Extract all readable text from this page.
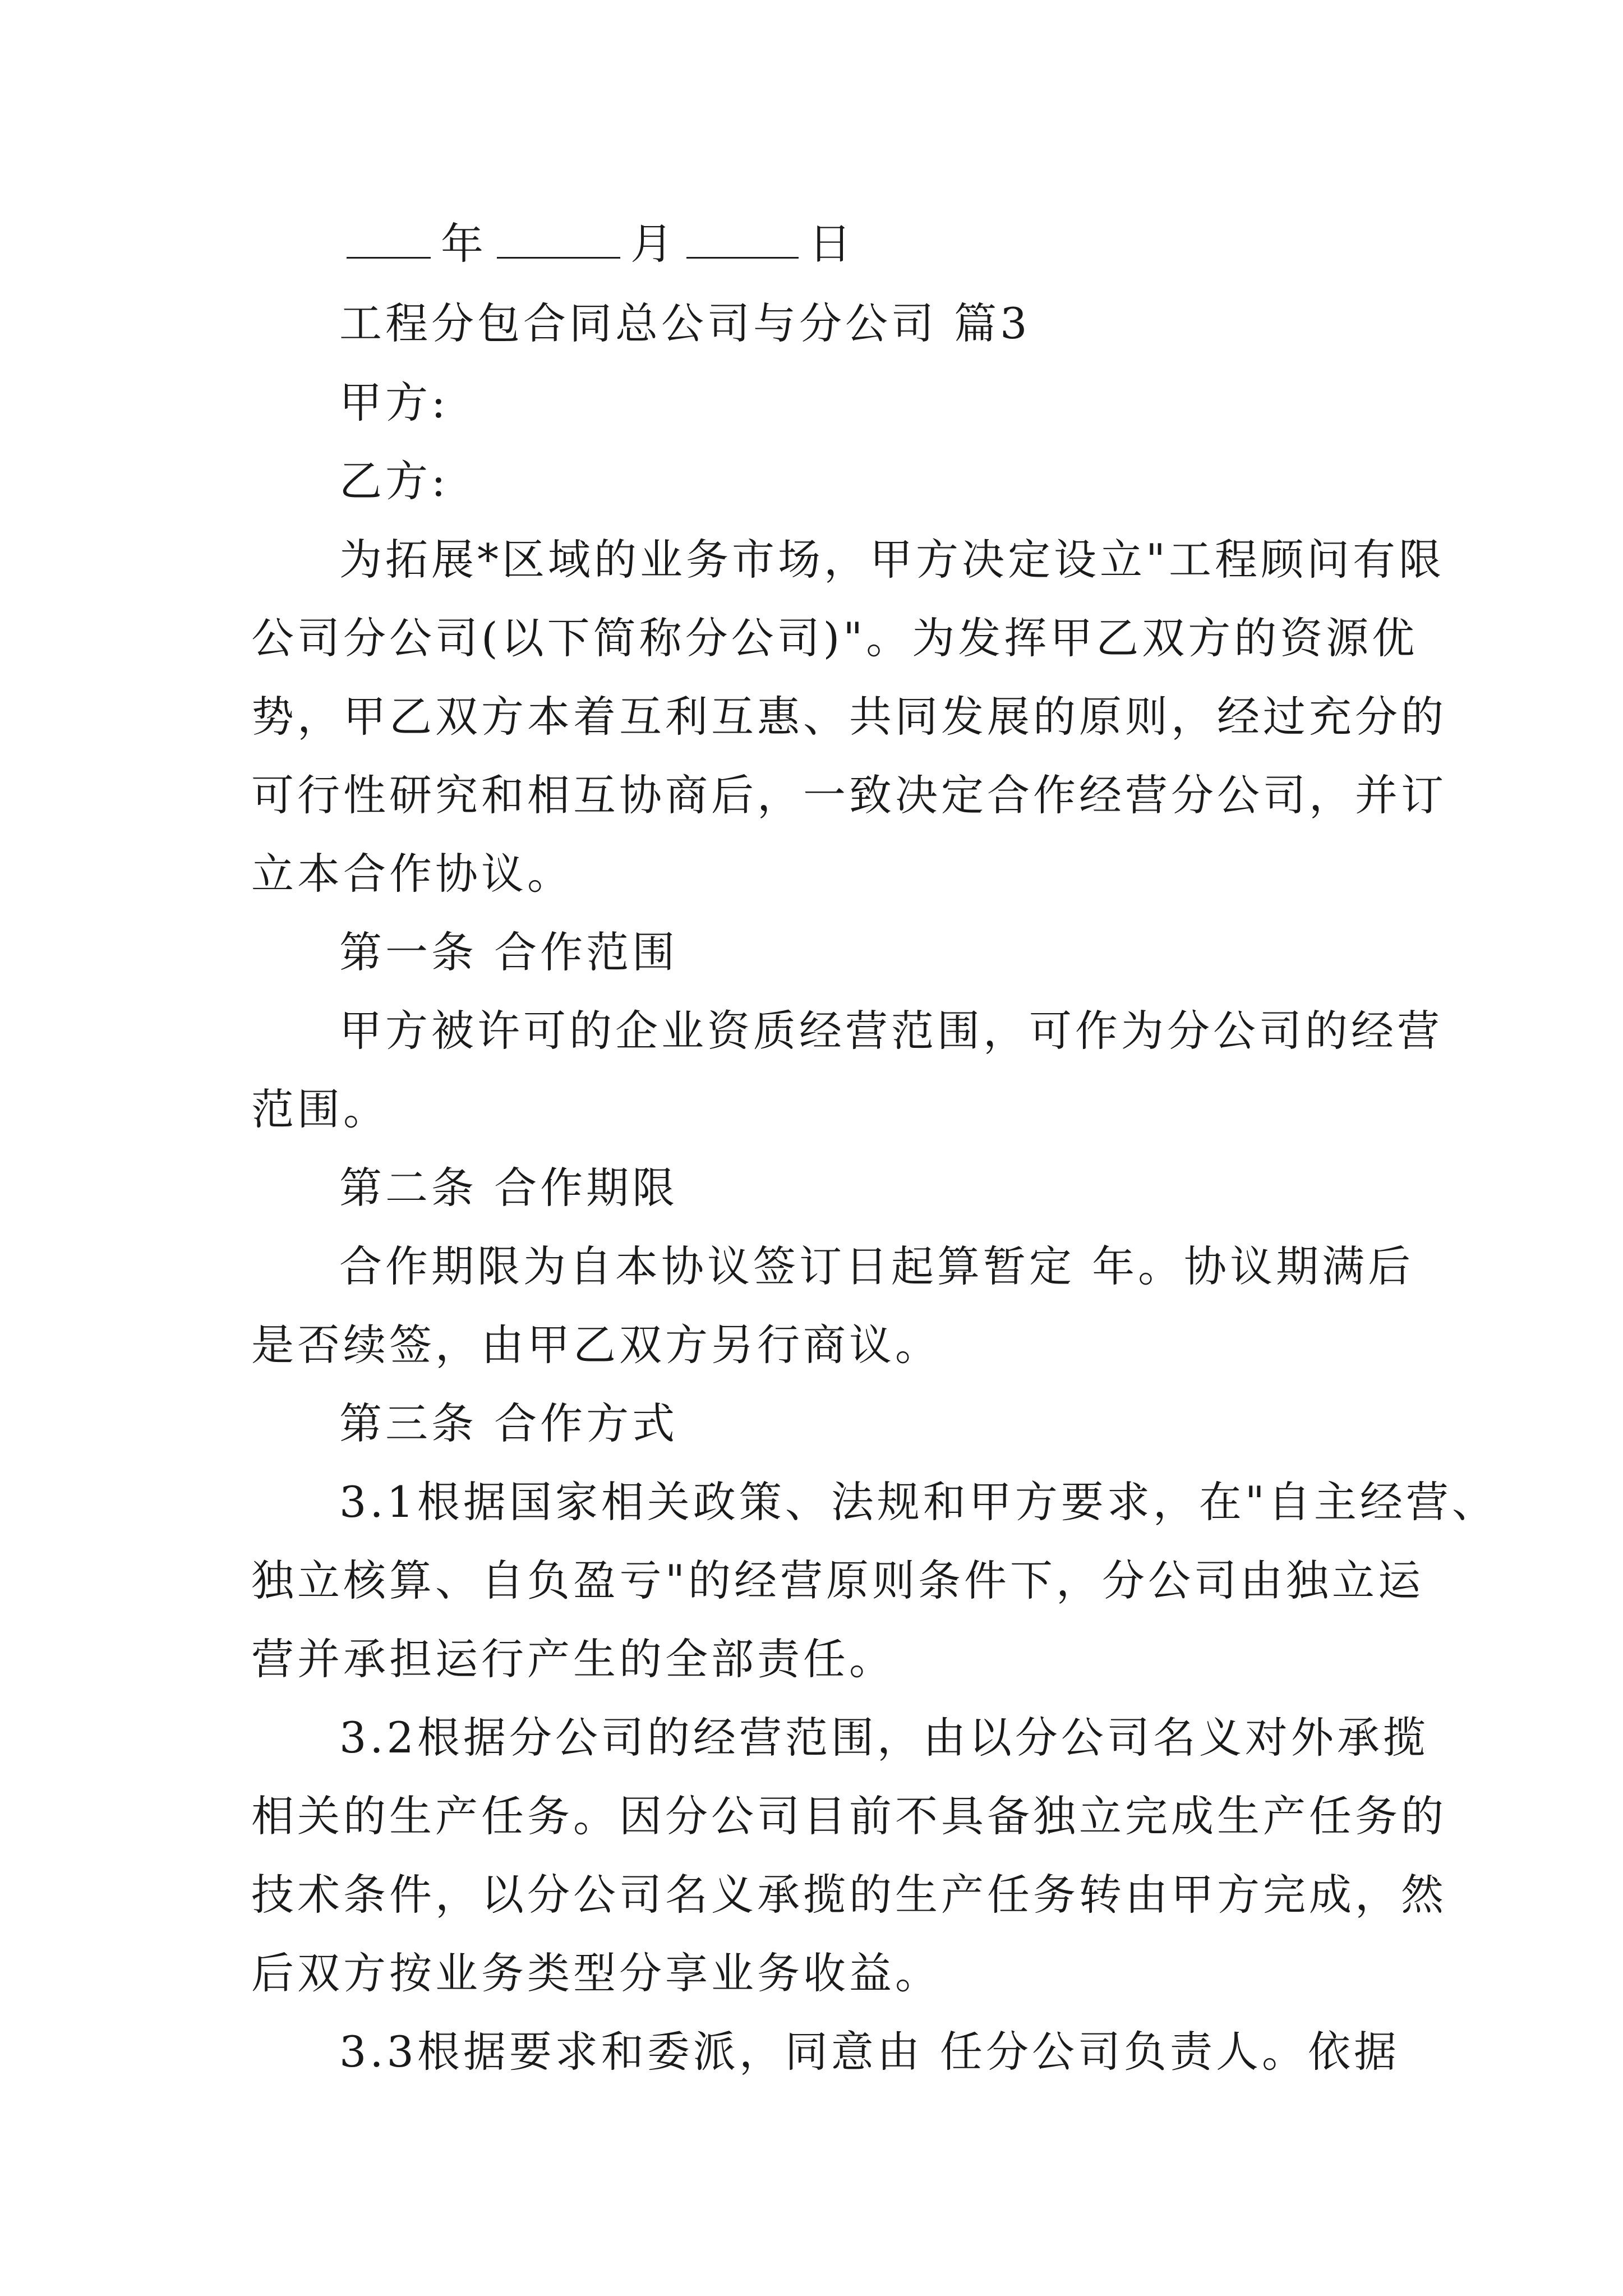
年	月	日
工程分包合同总公司与分公司 篇3
甲方:
乙方:
为拓展*区域的业务市场，甲方决定设立"工程顾问有限
公司分公司(以下简称分公司)"。为发挥甲乙双方的资源优
势，甲乙双方本着互利互惠、共同发展的原则，经过充分的
可行性研究和相互协商后，一致决定合作经营分公司，并订
立本合作协议。
第一条 合作范围
甲方被许可的企业资质经营范围，可作为分公司的经营
范围。
第二条 合作期限
合作期限为自本协议签订日起算暂定 年。协议期满后
是否续签，由甲乙双方另行商议。
第三条 合作方式
3.1根据国家相关政策、法规和甲方要求，在"自主经营、
独立核算、自负盈亏"的经营原则条件下，分公司由独立运
营并承担运行产生的全部责任。
3.2根据分公司的经营范围，由以分公司名义对外承揽
相关的生产任务。因分公司目前不具备独立完成生产任务的
技术条件，以分公司名义承揽的生产任务转由甲方完成，然
后双方按业务类型分享业务收益。
3.3根据要求和委派，同意由 任分公司负责人。依据
